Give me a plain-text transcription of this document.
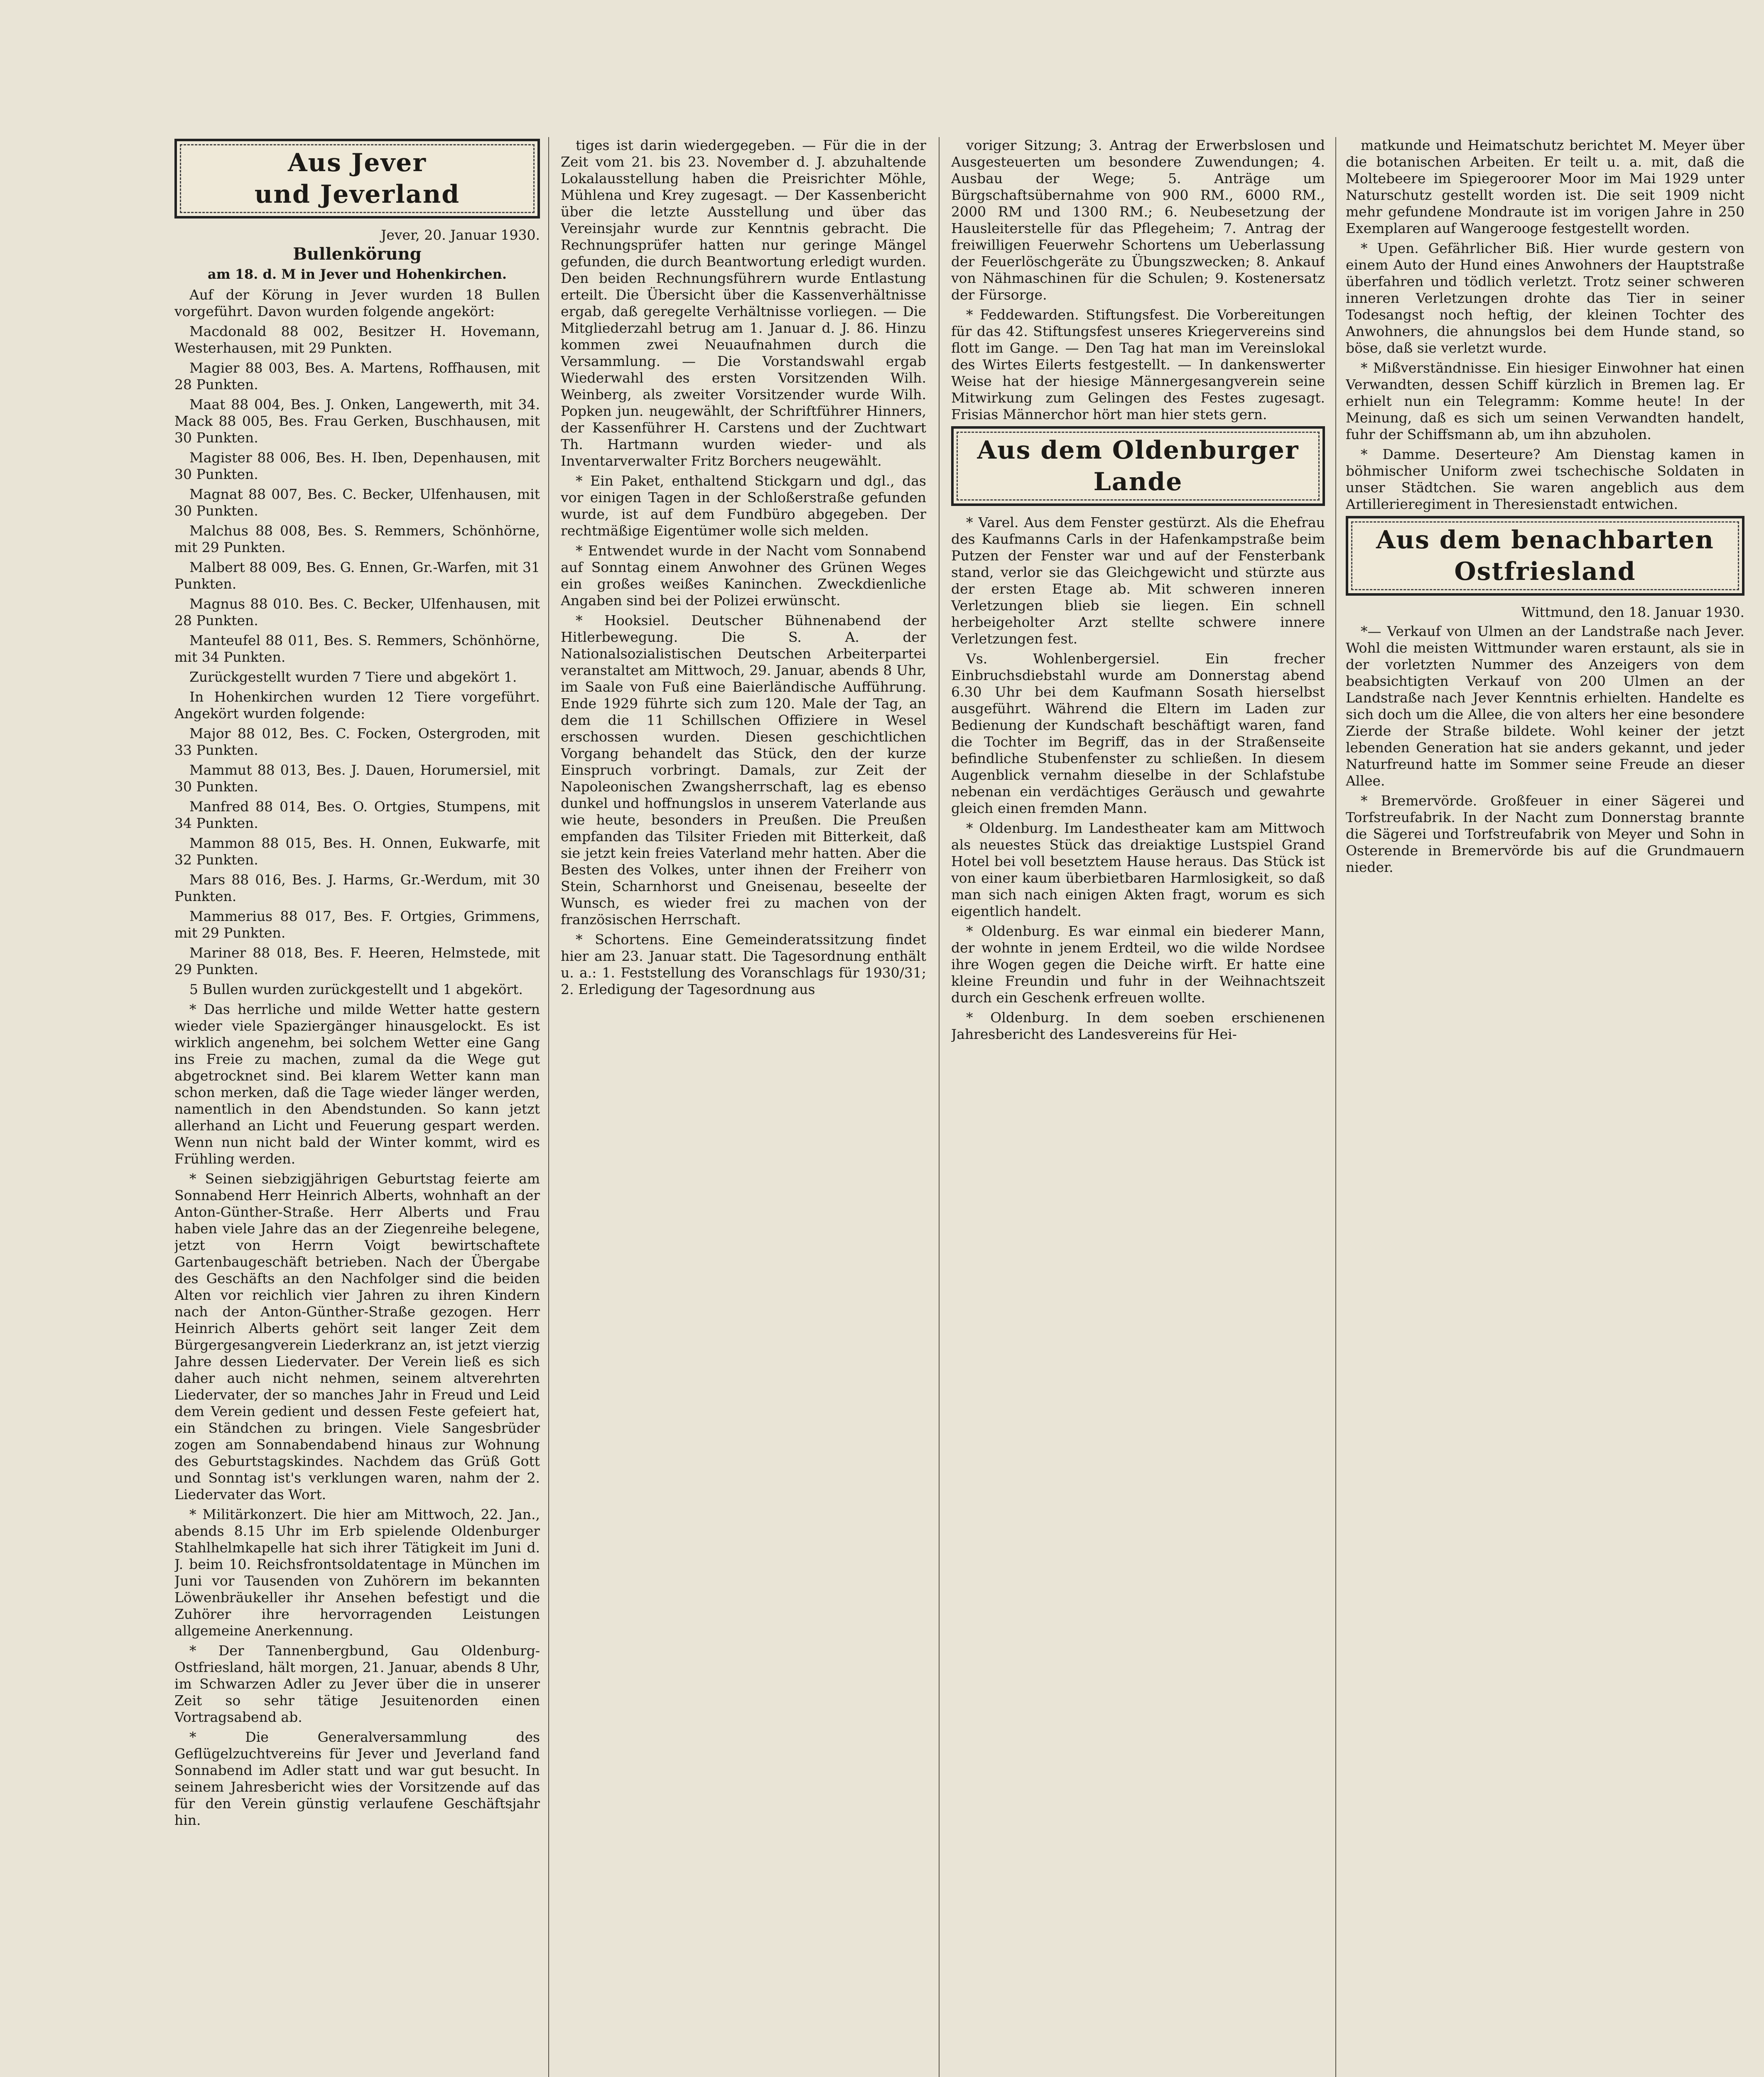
Aus Jever
und Jeverland
Jever, 20. Januar 1930.
Bullenkörung
am 18. d. M in Jever und Hohenkirchen.

Auf der Körung in Jever wurden 18 Bullen vorgeführt. Davon wurden folgende angekört:

Macdonald 88 002, Besitzer H. Hovemann, Westerhausen, mit 29 Punkten.

Magier 88 003, Bes. A. Martens, Roffhausen, mit 28 Punkten.

Maat 88 004, Bes. J. Onken, Langewerth, mit 34. Mack 88 005, Bes. Frau Gerken, Buschhausen, mit 30 Punkten.

Magister 88 006, Bes. H. Iben, Depenhausen, mit 30 Punkten.

Magnat 88 007, Bes. C. Becker, Ulfenhausen, mit 30 Punkten.

Malchus 88 008, Bes. S. Remmers, Schönhörne, mit 29 Punkten.

Malbert 88 009, Bes. G. Ennen, Gr.-Warfen, mit 31 Punkten.

Magnus 88 010. Bes. C. Becker, Ulfenhausen, mit 28 Punkten.

Manteufel 88 011, Bes. S. Remmers, Schönhörne, mit 34 Punkten.

Zurückgestellt wurden 7 Tiere und abgekört 1.

In Hohenkirchen wurden 12 Tiere vorgeführt. Angekört wurden folgende:

Major 88 012, Bes. C. Focken, Ostergroden, mit 33 Punkten.

Mammut 88 013, Bes. J. Dauen, Horumersiel, mit 30 Punkten.

Manfred 88 014, Bes. O. Ortgies, Stumpens, mit 34 Punkten.

Mammon 88 015, Bes. H. Onnen, Eukwarfe, mit 32 Punkten.

Mars 88 016, Bes. J. Harms, Gr.-Werdum, mit 30 Punkten.

Mammerius 88 017, Bes. F. Ortgies, Grimmens, mit 29 Punkten.

Mariner 88 018, Bes. F. Heeren, Helmstede, mit 29 Punkten.

5 Bullen wurden zurückgestellt und 1 abgekört.

* Das herrliche und milde Wetter hatte gestern wieder viele Spaziergänger hinausgelockt. Es ist wirklich angenehm, bei solchem Wetter eine Gang ins Freie zu machen, zumal da die Wege gut abgetrocknet sind. Bei klarem Wetter kann man schon merken, daß die Tage wieder länger werden, namentlich in den Abendstunden. So kann jetzt allerhand an Licht und Feuerung gespart werden. Wenn nun nicht bald der Winter kommt, wird es Frühling werden.

* Seinen siebzigjährigen Geburtstag feierte am Sonnabend Herr Heinrich Alberts, wohnhaft an der Anton-Günther-Straße. Herr Alberts und Frau haben viele Jahre das an der Ziegenreihe belegene, jetzt von Herrn Voigt bewirtschaftete Gartenbaugeschäft betrieben. Nach der Übergabe des Geschäfts an den Nachfolger sind die beiden Alten vor reichlich vier Jahren zu ihren Kindern nach der Anton-Günther-Straße gezogen. Herr Heinrich Alberts gehört seit langer Zeit dem Bürgergesangverein Liederkranz an, ist jetzt vierzig Jahre dessen Liedervater. Der Verein ließ es sich daher auch nicht nehmen, seinem altverehrten Liedervater, der so manches Jahr in Freud und Leid dem Verein gedient und dessen Feste gefeiert hat, ein Ständchen zu bringen. Viele Sangesbrüder zogen am Sonnabendabend hinaus zur Wohnung des Geburtstagskindes. Nachdem das Grüß Gott und Sonntag ist's verklungen waren, nahm der 2. Liedervater das Wort.

* Militärkonzert. Die hier am Mittwoch, 22. Jan., abends 8.15 Uhr im Erb spielende Oldenburger Stahlhelmkapelle hat sich ihrer Tätigkeit im Juni d. J. beim 10. Reichsfrontsoldatentage in München im Juni vor Tausenden von Zuhörern im bekannten Löwenbräukeller ihr Ansehen befestigt und die Zuhörer ihre hervorragenden Leistungen allgemeine Anerkennung.

* Der Tannenbergbund, Gau Oldenburg-Ostfriesland, hält morgen, 21. Januar, abends 8 Uhr, im Schwarzen Adler zu Jever über die in unserer Zeit so sehr tätige Jesuitenorden einen Vortragsabend ab.

* Die Generalversammlung des Geflügelzuchtvereins für Jever und Jeverland fand Sonnabend im Adler statt und war gut besucht. In seinem Jahresbericht wies der Vorsitzende auf das für den Verein günstig verlaufene Geschäftsjahr hin.

tiges ist darin wiedergegeben. — Für die in der Zeit vom 21. bis 23. November d. J. abzuhaltende Lokalausstellung haben die Preisrichter Möhle, Mühlena und Krey zugesagt. — Der Kassenbericht über die letzte Ausstellung und über das Vereinsjahr wurde zur Kenntnis gebracht. Die Rechnungsprüfer hatten nur geringe Mängel gefunden, die durch Beantwortung erledigt wurden. Den beiden Rechnungsführern wurde Entlastung erteilt. Die Übersicht über die Kassenverhältnisse ergab, daß geregelte Verhältnisse vorliegen. — Die Mitgliederzahl betrug am 1. Januar d. J. 86. Hinzu kommen zwei Neuaufnahmen durch die Versammlung. — Die Vorstandswahl ergab Wiederwahl des ersten Vorsitzenden Wilh. Weinberg, als zweiter Vorsitzender wurde Wilh. Popken jun. neugewählt, der Schriftführer Hinners, der Kassenführer H. Carstens und der Zuchtwart Th. Hartmann wurden wieder- und als Inventarverwalter Fritz Borchers neugewählt.

* Ein Paket, enthaltend Stickgarn und dgl., das vor einigen Tagen in der Schloßerstraße gefunden wurde, ist auf dem Fundbüro abgegeben. Der rechtmäßige Eigentümer wolle sich melden.

* Entwendet wurde in der Nacht vom Sonnabend auf Sonntag einem Anwohner des Grünen Weges ein großes weißes Kaninchen. Zweckdienliche Angaben sind bei der Polizei erwünscht.

* Hooksiel. Deutscher Bühnenabend der Hitlerbewegung. Die S. A. der Nationalsozialistischen Deutschen Arbeiterpartei veranstaltet am Mittwoch, 29. Januar, abends 8 Uhr, im Saale von Fuß eine Baierländische Aufführung. Ende 1929 führte sich zum 120. Male der Tag, an dem die 11 Schillschen Offiziere in Wesel erschossen wurden. Diesen geschichtlichen Vorgang behandelt das Stück, den der kurze Einspruch vorbringt. Damals, zur Zeit der Napoleonischen Zwangsherrschaft, lag es ebenso dunkel und hoffnungslos in unserem Vaterlande aus wie heute, besonders in Preußen. Die Preußen empfanden das Tilsiter Frieden mit Bitterkeit, daß sie jetzt kein freies Vaterland mehr hatten. Aber die Besten des Volkes, unter ihnen der Freiherr von Stein, Scharnhorst und Gneisenau, beseelte der Wunsch, es wieder frei zu machen von der französischen Herrschaft.

* Schortens. Eine Gemeinderatssitzung findet hier am 23. Januar statt. Die Tagesordnung enthält u. a.: 1. Feststellung des Voranschlags für 1930/31; 2. Erledigung der Tagesordnung aus

voriger Sitzung; 3. Antrag der Erwerbslosen und Ausgesteuerten um besondere Zuwendungen; 4. Ausbau der Wege; 5. Anträge um Bürgschaftsübernahme von 900 RM., 6000 RM., 2000 RM und 1300 RM.; 6. Neubesetzung der Hausleiterstelle für das Pflegeheim; 7. Antrag der freiwilligen Feuerwehr Schortens um Ueberlassung der Feuerlöschgeräte zu Übungszwecken; 8. Ankauf von Nähmaschinen für die Schulen; 9. Kostenersatz der Fürsorge.

* Feddewarden. Stiftungsfest. Die Vorbereitungen für das 42. Stiftungsfest unseres Kriegervereins sind flott im Gange. — Den Tag hat man im Vereinslokal des Wirtes Eilerts festgestellt. — In dankenswerter Weise hat der hiesige Männergesangverein seine Mitwirkung zum Gelingen des Festes zugesagt. Frisias Männerchor hört man hier stets gern.

Aus dem Oldenburger
Lande

* Varel. Aus dem Fenster gestürzt. Als die Ehefrau des Kaufmanns Carls in der Hafenkampstraße beim Putzen der Fenster war und auf der Fensterbank stand, verlor sie das Gleichgewicht und stürzte aus der ersten Etage ab. Mit schweren inneren Verletzungen blieb sie liegen. Ein schnell herbeigeholter Arzt stellte schwere innere Verletzungen fest.

Vs. Wohlenbergersiel. Ein frecher Einbruchsdiebstahl wurde am Donnerstag abend 6.30 Uhr bei dem Kaufmann Sosath hierselbst ausgeführt. Während die Eltern im Laden zur Bedienung der Kundschaft beschäftigt waren, fand die Tochter im Begriff, das in der Straßenseite befindliche Stubenfenster zu schließen. In diesem Augenblick vernahm dieselbe in der Schlafstube nebenan ein verdächtiges Geräusch und gewahrte gleich einen fremden Mann.

* Oldenburg. Im Landestheater kam am Mittwoch als neuestes Stück das dreiaktige Lustspiel Grand Hotel bei voll besetztem Hause heraus. Das Stück ist von einer kaum überbietbaren Harmlosigkeit, so daß man sich nach einigen Akten fragt, worum es sich eigentlich handelt.

* Oldenburg. Es war einmal ein biederer Mann, der wohnte in jenem Erdteil, wo die wilde Nordsee ihre Wogen gegen die Deiche wirft. Er hatte eine kleine Freundin und fuhr in der Weihnachtszeit durch ein Geschenk erfreuen wollte.

* Oldenburg. In dem soeben erschienenen Jahresbericht des Landesvereins für Hei-

matkunde und Heimatschutz berichtet M. Meyer über die botanischen Arbeiten. Er teilt u. a. mit, daß die Moltebeere im Spiegeroorer Moor im Mai 1929 unter Naturschutz gestellt worden ist. Die seit 1909 nicht mehr gefundene Mondraute ist im vorigen Jahre in 250 Exemplaren auf Wangerooge festgestellt worden.

* Upen. Gefährlicher Biß. Hier wurde gestern von einem Auto der Hund eines Anwohners der Hauptstraße überfahren und tödlich verletzt. Trotz seiner schweren inneren Verletzungen drohte das Tier in seiner Todesangst noch heftig, der kleinen Tochter des Anwohners, die ahnungslos bei dem Hunde stand, so böse, daß sie verletzt wurde.

* Mißverständnisse. Ein hiesiger Einwohner hat einen Verwandten, dessen Schiff kürzlich in Bremen lag. Er erhielt nun ein Telegramm: Komme heute! In der Meinung, daß es sich um seinen Verwandten handelt, fuhr der Schiffsmann ab, um ihn abzuholen.

* Damme. Deserteure? Am Dienstag kamen in böhmischer Uniform zwei tschechische Soldaten in unser Städtchen. Sie waren angeblich aus dem Artillerieregiment in Theresienstadt entwichen.

Aus dem benachbarten
Ostfriesland
Wittmund, den 18. Januar 1930.

*— Verkauf von Ulmen an der Landstraße nach Jever. Wohl die meisten Wittmunder waren erstaunt, als sie in der vorletzten Nummer des Anzeigers von dem beabsichtigten Verkauf von 200 Ulmen an der Landstraße nach Jever Kenntnis erhielten. Handelte es sich doch um die Allee, die von alters her eine besondere Zierde der Straße bildete. Wohl keiner der jetzt lebenden Generation hat sie anders gekannt, und jeder Naturfreund hatte im Sommer seine Freude an dieser Allee.

* Bremervörde. Großfeuer in einer Sägerei und Torfstreufabrik. In der Nacht zum Donnerstag brannte die Sägerei und Torfstreufabrik von Meyer und Sohn in Osterende in Bremervörde bis auf die Grundmauern nieder.
